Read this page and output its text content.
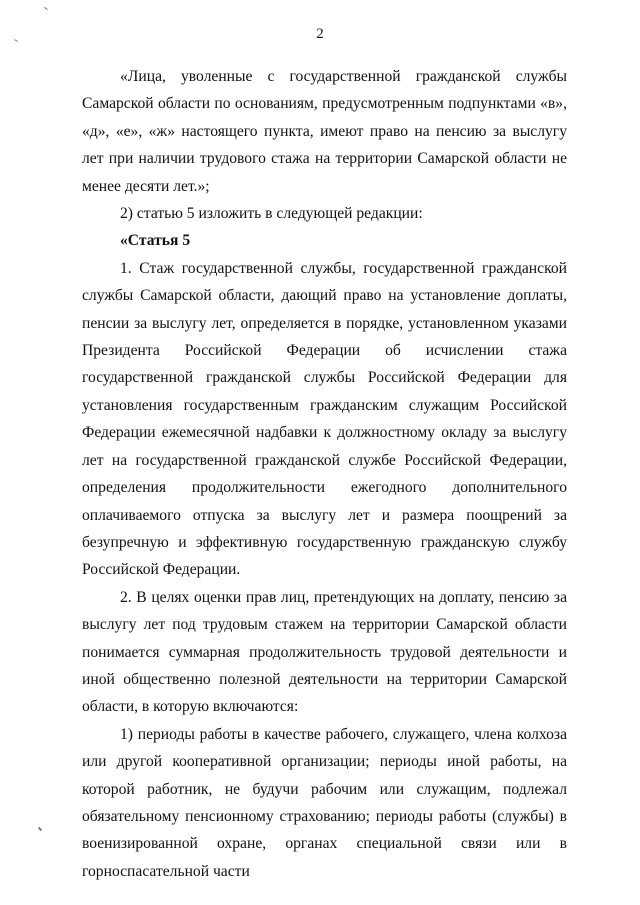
2

«Лица, уволенные с государственной гражданской службы Самарской области по основаниям, предусмотренным подпунктами «в», «д», «е», «ж» настоящего пункта, имеют право на пенсию за выслугу лет при наличии трудового стажа на территории Самарской области не менее десяти лет.»;

2) статью 5 изложить в следующей редакции:

«Статья 5

1. Стаж государственной службы, государственной гражданской службы Самарской области, дающий право на установление доплаты, пенсии за выслугу лет, определяется в порядке, установленном указами Президента Российской Федерации об исчислении стажа государственной гражданской службы Российской Федерации для установления государственным гражданским служащим Российской Федерации ежемесячной надбавки к должностному окладу за выслугу лет на государственной гражданской службе Российской Федерации, определения продолжительности ежегодного дополнительного оплачиваемого отпуска за выслугу лет и размера поощрений за безупречную и эффективную государственную гражданскую службу Российской Федерации.

2. В целях оценки прав лиц, претендующих на доплату, пенсию за выслугу лет под трудовым стажем на территории Самарской области понимается суммарная продолжительность трудовой деятельности и иной общественно полезной деятельности на территории Самарской области, в которую включаются:

1) периоды работы в качестве рабочего, служащего, члена колхоза или другой кооперативной организации; периоды иной работы, на которой работник, не будучи рабочим или служащим, подлежал обязательному пенсионному страхованию; периоды работы (службы) в военизированной охране, органах специальной связи или в горноспасательной части
